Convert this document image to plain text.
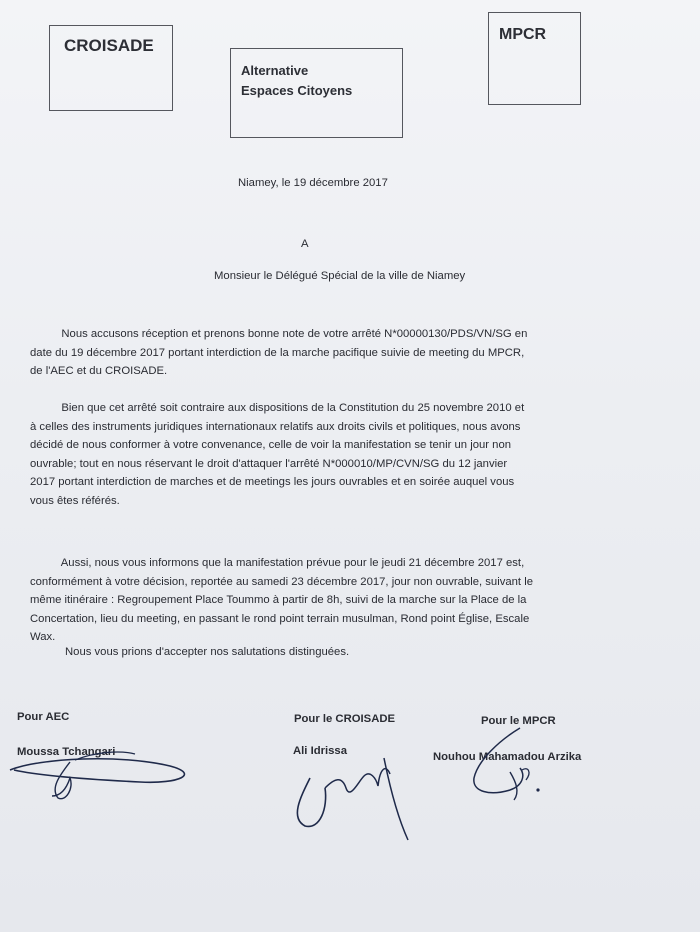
CROISADE
Alternative
Espaces Citoyens
MPCR
Niamey, le 19 décembre 2017
A
Monsieur le Délégué Spécial de la ville de Niamey
Nous accusons réception et prenons bonne note de votre arrêté N*00000130/PDS/VN/SG en
date du 19 décembre 2017 portant interdiction de la marche pacifique suivie de meeting du MPCR,
de l'AEC et du CROISADE.
Bien que cet arrêté soit contraire aux dispositions de la Constitution du 25 novembre 2010 et
à celles des instruments juridiques internationaux relatifs aux droits civils et politiques, nous avons
décidé de nous conformer à votre convenance, celle de voir la manifestation se tenir un jour non
ouvrable; tout en nous réservant le droit d'attaquer l'arrêté N*000010/MP/CVN/SG du 12 janvier
2017 portant interdiction de marches et de meetings les jours ouvrables et en soirée auquel vous
vous êtes référés.
Aussi, nous vous informons que la manifestation prévue pour le jeudi 21 décembre 2017 est,
conformément à votre décision, reportée au samedi 23 décembre 2017, jour non ouvrable, suivant le
même itinéraire : Regroupement Place Toummo à partir de 8h, suivi de la marche sur la Place de la
Concertation, lieu du meeting, en passant le rond point terrain musulman, Rond point Église, Escale
Wax.
Nous vous prions d'accepter nos salutations distinguées.
Pour AEC	Pour le CROISADE	Pour le MPCR
Moussa Tchangari	Ali Idrissa	Nouhou Mahamadou Arzika
